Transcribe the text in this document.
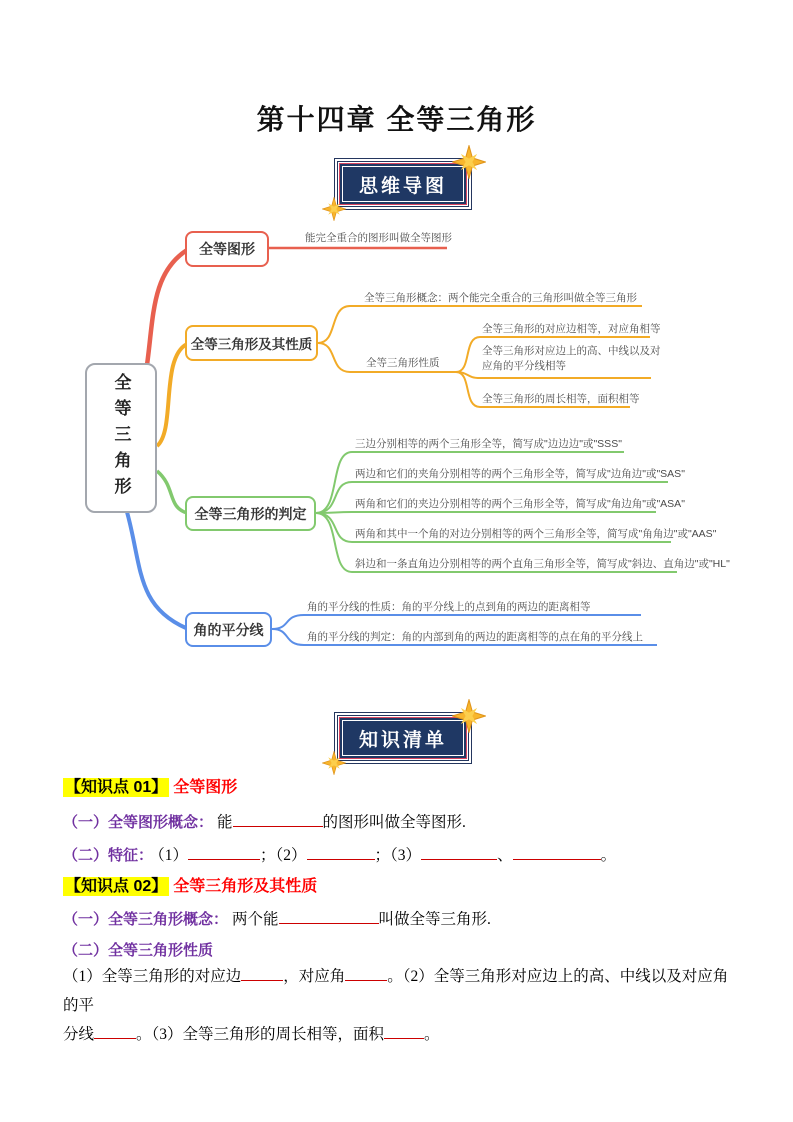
第十四章 全等三角形
思维导图
全等三角形
全等图形
全等三角形及其性质
全等三角形的判定
角的平分线
能完全重合的图形叫做全等图形
全等三角形概念：两个能完全重合的三角形叫做全等三角形
全等三角形性质
全等三角形的对应边相等，对应角相等
全等三角形对应边上的高、中线以及对应角的平分线相等
全等三角形的周长相等，面积相等
三边分别相等的两个三角形全等，简写成"边边边"或"SSS"
两边和它们的夹角分别相等的两个三角形全等，简写成"边角边"或"SAS"
两角和它们的夹边分别相等的两个三角形全等，简写成"角边角"或"ASA"
两角和其中一个角的对边分别相等的两个三角形全等，简写成"角角边"或"AAS"
斜边和一条直角边分别相等的两个直角三角形全等，简写成"斜边、直角边"或"HL"
角的平分线的性质：角的平分线上的点到角的两边的距离相等
角的平分线的判定：角的内部到角的两边的距离相等的点在角的平分线上
知识清单
【知识点 01】 全等图形
（一）全等图形概念： 能	的图形叫做全等图形.
（二）特征： （1）	；（2）	；（3）	、	。
【知识点 02】 全等三角形及其性质
（一）全等三角形概念： 两个能	叫做全等三角形.
（二）全等三角形性质
（1）全等三角形的对应边	，对应角	。（2）全等三角形对应边上的高、中线以及对应角的平
分线	。（3）全等三角形的周长相等，面积	。
